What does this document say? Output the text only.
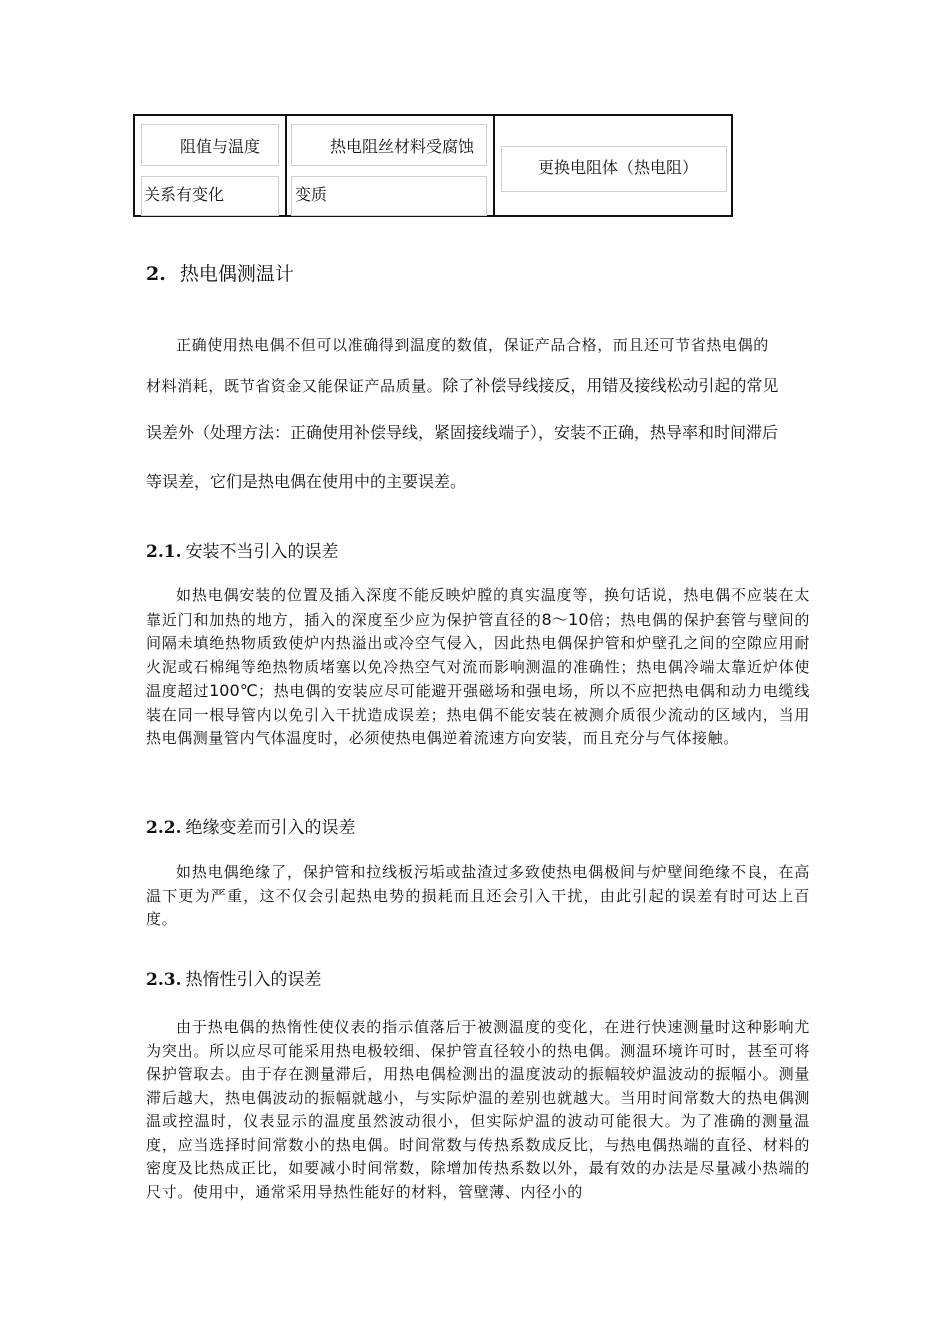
阻值与温度
关系有变化
热电阻丝材料受腐蚀
变质
更换电阻体（热电阻）
2. 热电偶测温计
正确使用热电偶不但可以准确得到温度的数值，保证产品合格，而且还可节省热电偶的
材料消耗，既节省资金又能保证产品质量。除了补偿导线接反，用错及接线松动引起的常见
误差外（处理方法：正确使用补偿导线，紧固接线端子），安装不正确，热导率和时间滞后
等误差，它们是热电偶在使用中的主要误差。
2.1. 安装不当引入的误差
如热电偶安装的位置及插入深度不能反映炉膛的真实温度等，换句话说，热电偶不应装在太靠近门和加热的地方，插入的深度至少应为保护管直径的8～10倍；热电偶的保护套管与壁间的间隔未填绝热物质致使炉内热溢出或冷空气侵入，因此热电偶保护管和炉壁孔之间的空隙应用耐火泥或石棉绳等绝热物质堵塞以免冷热空气对流而影响测温的准确性；热电偶冷端太靠近炉体使温度超过100℃；热电偶的安装应尽可能避开强磁场和强电场，所以不应把热电偶和动力电缆线装在同一根导管内以免引入干扰造成误差；热电偶不能安装在被测介质很少流动的区域内，当用热电偶测量管内气体温度时，必须使热电偶逆着流速方向安装，而且充分与气体接触。
2.2. 绝缘变差而引入的误差
如热电偶绝缘了，保护管和拉线板污垢或盐渣过多致使热电偶极间与炉壁间绝缘不良，在高温下更为严重，这不仅会引起热电势的损耗而且还会引入干扰，由此引起的误差有时可达上百度。
2.3. 热惰性引入的误差
由于热电偶的热惰性使仪表的指示值落后于被测温度的变化，在进行快速测量时这种影响尤为突出。所以应尽可能采用热电极较细、保护管直径较小的热电偶。测温环境许可时，甚至可将保护管取去。由于存在测量滞后，用热电偶检测出的温度波动的振幅较炉温波动的振幅小。测量滞后越大，热电偶波动的振幅就越小，与实际炉温的差别也就越大。当用时间常数大的热电偶测温或控温时，仪表显示的温度虽然波动很小，但实际炉温的波动可能很大。为了准确的测量温度，应当选择时间常数小的热电偶。时间常数与传热系数成反比，与热电偶热端的直径、材料的密度及比热成正比，如要减小时间常数，除增加传热系数以外，最有效的办法是尽量减小热端的尺寸。使用中，通常采用导热性能好的材料，管壁薄、内径小的
